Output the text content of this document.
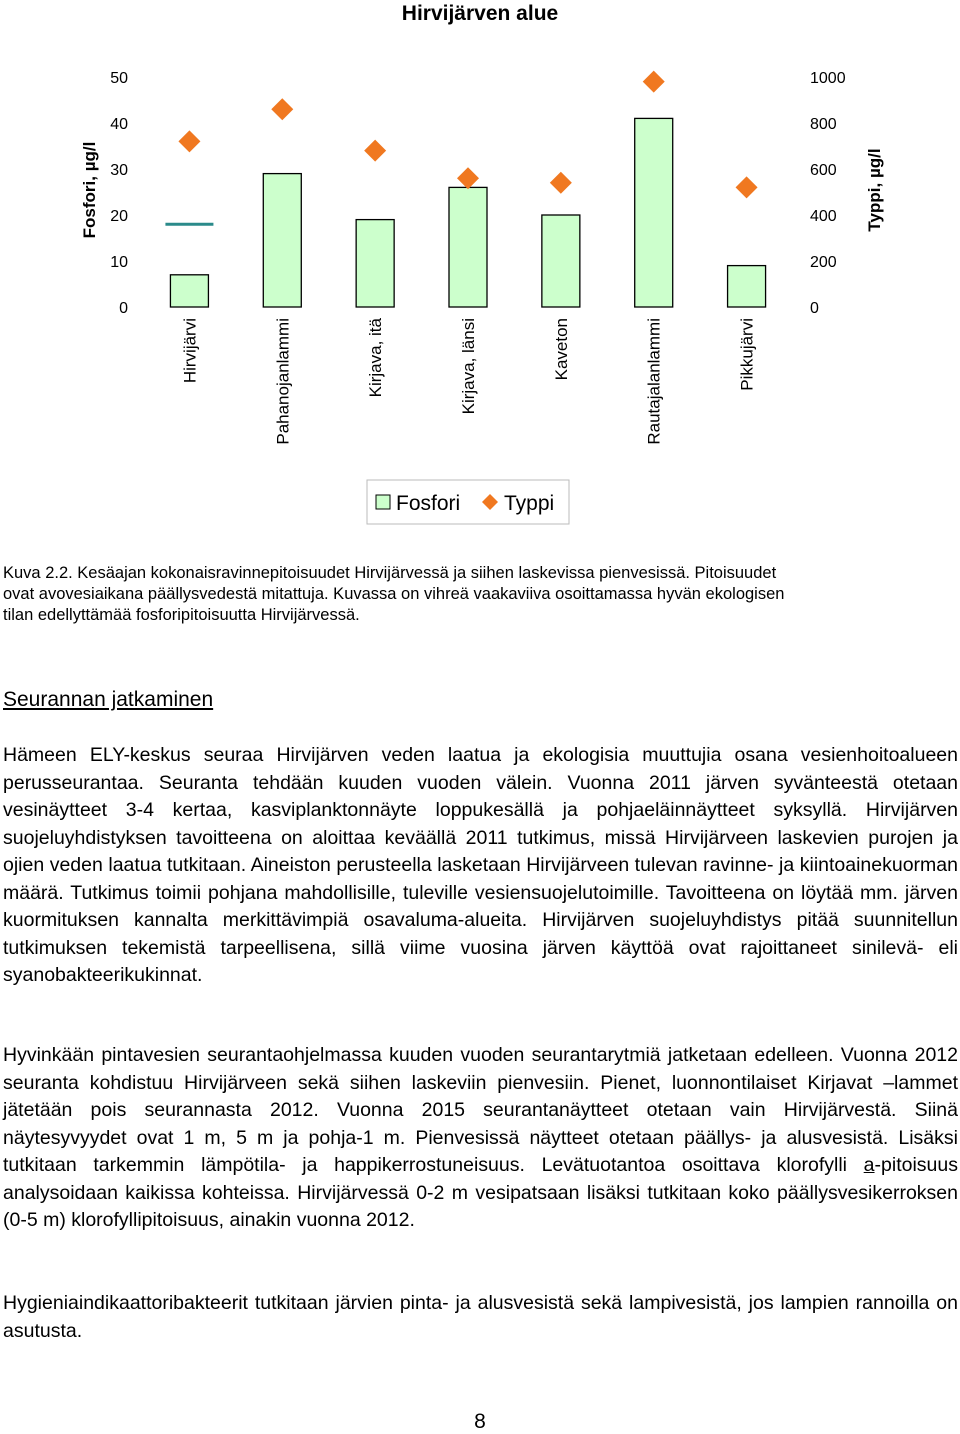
Hirvijärven alue
Fosfori, µg/l	Typpi, µg/l
0
10
20
30
40
50
0
200
400
600
800
1000
Hirvijärvi	Pahanojanlammi	Kirjava, itä	Kirjava, länsi	Kaveton	Rautajalanlammi	Pikkujärvi
Fosfori Typpi

Kuva 2.2. Kesäajan kokonaisravinnepitoisuudet Hirvijärvessä ja siihen laskevissa pienvesissä. Pitoisuudet
ovat avovesiaikana päällysvedestä mitattuja. Kuvassa on vihreä vaakaviiva osoittamassa hyvän ekologisen
tilan edellyttämää fosforipitoisuutta Hirvijärvessä.

Seurannan jatkaminen

Hämeen ELY-keskus seuraa Hirvijärven veden laatua ja ekologisia muuttujia osana vesienhoitoalueen perusseurantaa. Seuranta tehdään kuuden vuoden välein. Vuonna 2011 järven syvänteestä otetaan vesinäytteet 3-4 kertaa, kasviplanktonnäyte loppukesällä ja pohjaeläinnäytteet syksyllä. Hirvijärven suojeluyhdistyksen tavoitteena on aloittaa keväällä 2011 tutkimus, missä Hirvijärveen laskevien purojen ja ojien veden laatua tutkitaan. Aineiston perusteella lasketaan Hirvijärveen tulevan ravinne- ja kiintoainekuorman määrä. Tutkimus toimii pohjana mahdollisille, tuleville vesiensuojelutoimille. Tavoitteena on löytää mm. järven kuormituksen kannalta merkittävimpiä osavaluma-alueita. Hirvijärven suojeluyhdistys pitää suunnitellun tutkimuksen tekemistä tarpeellisena, sillä viime vuosina järven käyttöä ovat rajoittaneet sinilevä- eli syanobakteerikukinnat.

Hyvinkään pintavesien seurantaohjelmassa kuuden vuoden seurantarytmiä jatketaan edelleen. Vuonna 2012 seuranta kohdistuu Hirvijärveen sekä siihen laskeviin pienvesiin. Pienet, luonnontilaiset Kirjavat –lammet jätetään pois seurannasta 2012. Vuonna 2015 seurantanäytteet otetaan vain Hirvijärvestä. Siinä näytesyvyydet ovat 1 m, 5 m ja pohja-1 m. Pienvesissä näytteet otetaan päällys- ja alusvesistä. Lisäksi tutkitaan tarkemmin lämpötila- ja happikerrostuneisuus. Levätuotantoa osoittava klorofylli a-pitoisuus analysoidaan kaikissa kohteissa. Hirvijärvessä 0-2 m vesipatsaan lisäksi tutkitaan koko päällysvesikerroksen (0-5 m) klorofyllipitoisuus, ainakin vuonna 2012.

Hygieniaindikaattoribakteerit tutkitaan järvien pinta- ja alusvesistä sekä lampivesistä, jos lampien rannoilla on asutusta.

8
